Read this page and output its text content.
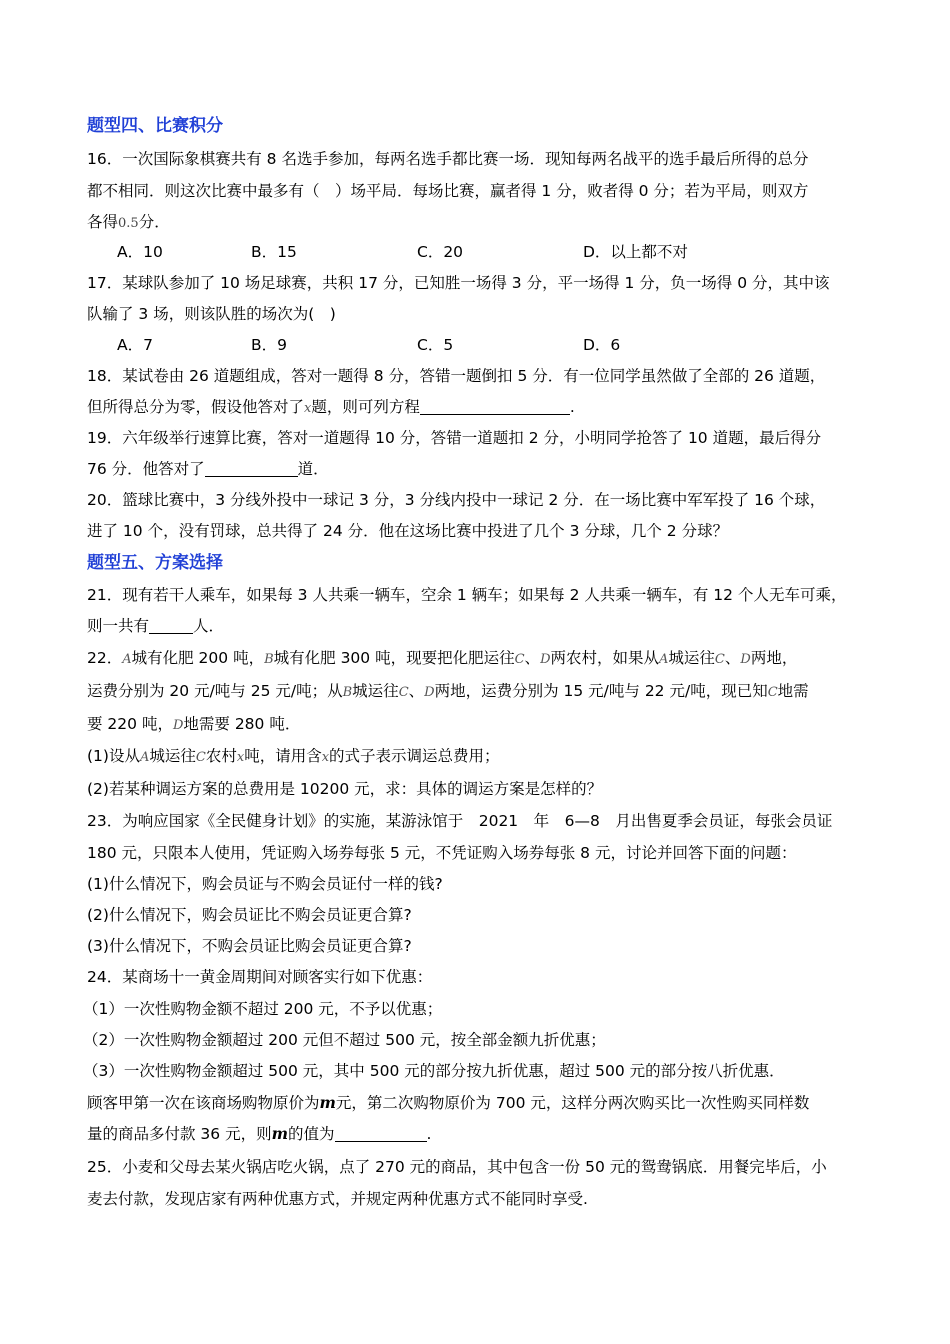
题型四、比赛积分
16．一次国际象棋赛共有 8 名选手参加，每两名选手都比赛一场．现知每两名战平的选手最后所得的总分
都不相同．则这次比赛中最多有（　）场平局．每场比赛，赢者得 1 分，败者得 0 分；若为平局，则双方
各得0.5分．
A．10	B．15	C．20	D．以上都不对
17．某球队参加了 10 场足球赛，共积 17 分，已知胜一场得 3 分，平一场得 1 分，负一场得 0 分，其中该
队输了 3 场，则该队胜的场次为(　)
A．7	B．9	C．5	D．6
18．某试卷由 26 道题组成，答对一题得 8 分，答错一题倒扣 5 分．有一位同学虽然做了全部的 26 道题，
但所得总分为零，假设他答对了x题，则可列方程	.
19．六年级举行速算比赛，答对一道题得 10 分，答错一道题扣 2 分，小明同学抢答了 10 道题，最后得分
76 分．他答对了	道．
20．篮球比赛中，3 分线外投中一球记 3 分，3 分线内投中一球记 2 分．在一场比赛中军军投了 16 个球，
进了 10 个，没有罚球，总共得了 24 分．他在这场比赛中投进了几个 3 分球，几个 2 分球？
题型五、方案选择
21．现有若干人乘车，如果每 3 人共乘一辆车，空余 1 辆车；如果每 2 人共乘一辆车，有 12 个人无车可乘，
则一共有	人．
22．A城有化肥 200 吨，B城有化肥 300 吨，现要把化肥运往C、D两农村，如果从A城运往C、D两地，
运费分别为 20 元/吨与 25 元/吨；从B城运往C、D两地，运费分别为 15 元/吨与 22 元/吨，现已知C地需
要 220 吨，D地需要 280 吨．
(1)设从A城运往C农村x吨，请用含x的式子表示调运总费用；
(2)若某种调运方案的总费用是 10200 元，求：具体的调运方案是怎样的？
23．为响应国家《全民健身计划》的实施，某游泳馆于　2021　年　6—8　月出售夏季会员证，每张会员证
180 元，只限本人使用，凭证购入场券每张 5 元，不凭证购入场券每张 8 元，讨论并回答下面的问题：
(1)什么情况下，购会员证与不购会员证付一样的钱?
(2)什么情况下，购会员证比不购会员证更合算?
(3)什么情况下，不购会员证比购会员证更合算?
24．某商场十一黄金周期间对顾客实行如下优惠：
（1）一次性购物金额不超过 200 元，不予以优惠；
（2）一次性购物金额超过 200 元但不超过 500 元，按全部金额九折优惠；
（3）一次性购物金额超过 500 元，其中 500 元的部分按九折优惠，超过 500 元的部分按八折优惠．
顾客甲第一次在该商场购物原价为m元，第二次购物原价为 700 元，这样分两次购买比一次性购买同样数
量的商品多付款 36 元，则m的值为	.
25．小麦和父母去某火锅店吃火锅，点了 270 元的商品，其中包含一份 50 元的鸳鸯锅底．用餐完毕后，小
麦去付款，发现店家有两种优惠方式，并规定两种优惠方式不能同时享受.
